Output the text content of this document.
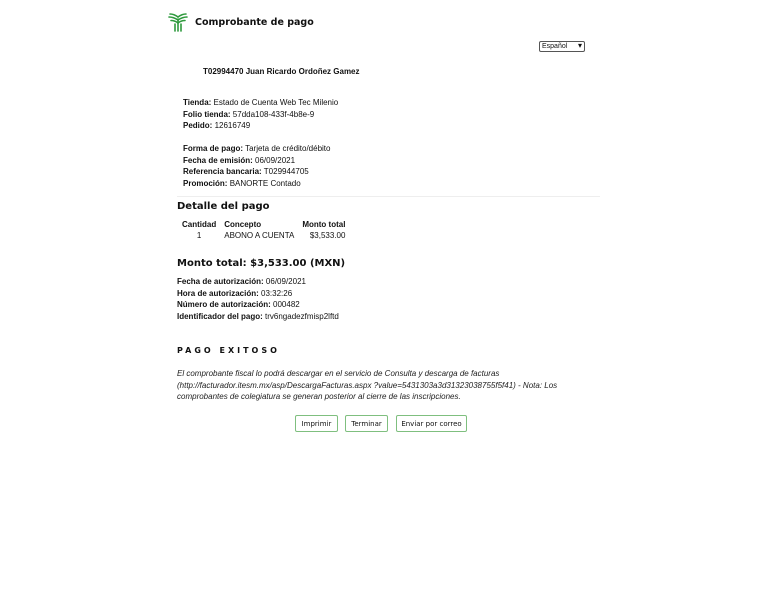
Comprobante de pago
Español ▾
T02994470 Juan Ricardo Ordoñez Gamez
Tienda: Estado de Cuenta Web Tec Milenio
Folio tienda: 57dda108-433f-4b8e-9
Pedido: 12616749
Forma de pago: Tarjeta de crédito/débito
Fecha de emisión: 06/09/2021
Referencia bancaria: T029944705
Promoción: BANORTE Contado
Detalle del pago
Cantidad	Concepto	Monto total
1	ABONO A CUENTA	$3,533.00
Monto total: $3,533.00 (MXN)
Fecha de autorización: 06/09/2021
Hora de autorización: 03:32:26
Número de autorización: 000482
Identificador del pago: trv6ngadezfmisp2lftd
PAGO EXITOSO
El comprobante fiscal lo podrá descargar en el servicio de Consulta y descarga de facturas (http://facturador.itesm.mx/asp/DescargaFacturas.aspx ?value=5431303a3d31323038755f5f41) - Nota: Los comprobantes de colegiatura se generan posterior al cierre de las inscripciones.
Imprimir	Terminar	Enviar por correo
